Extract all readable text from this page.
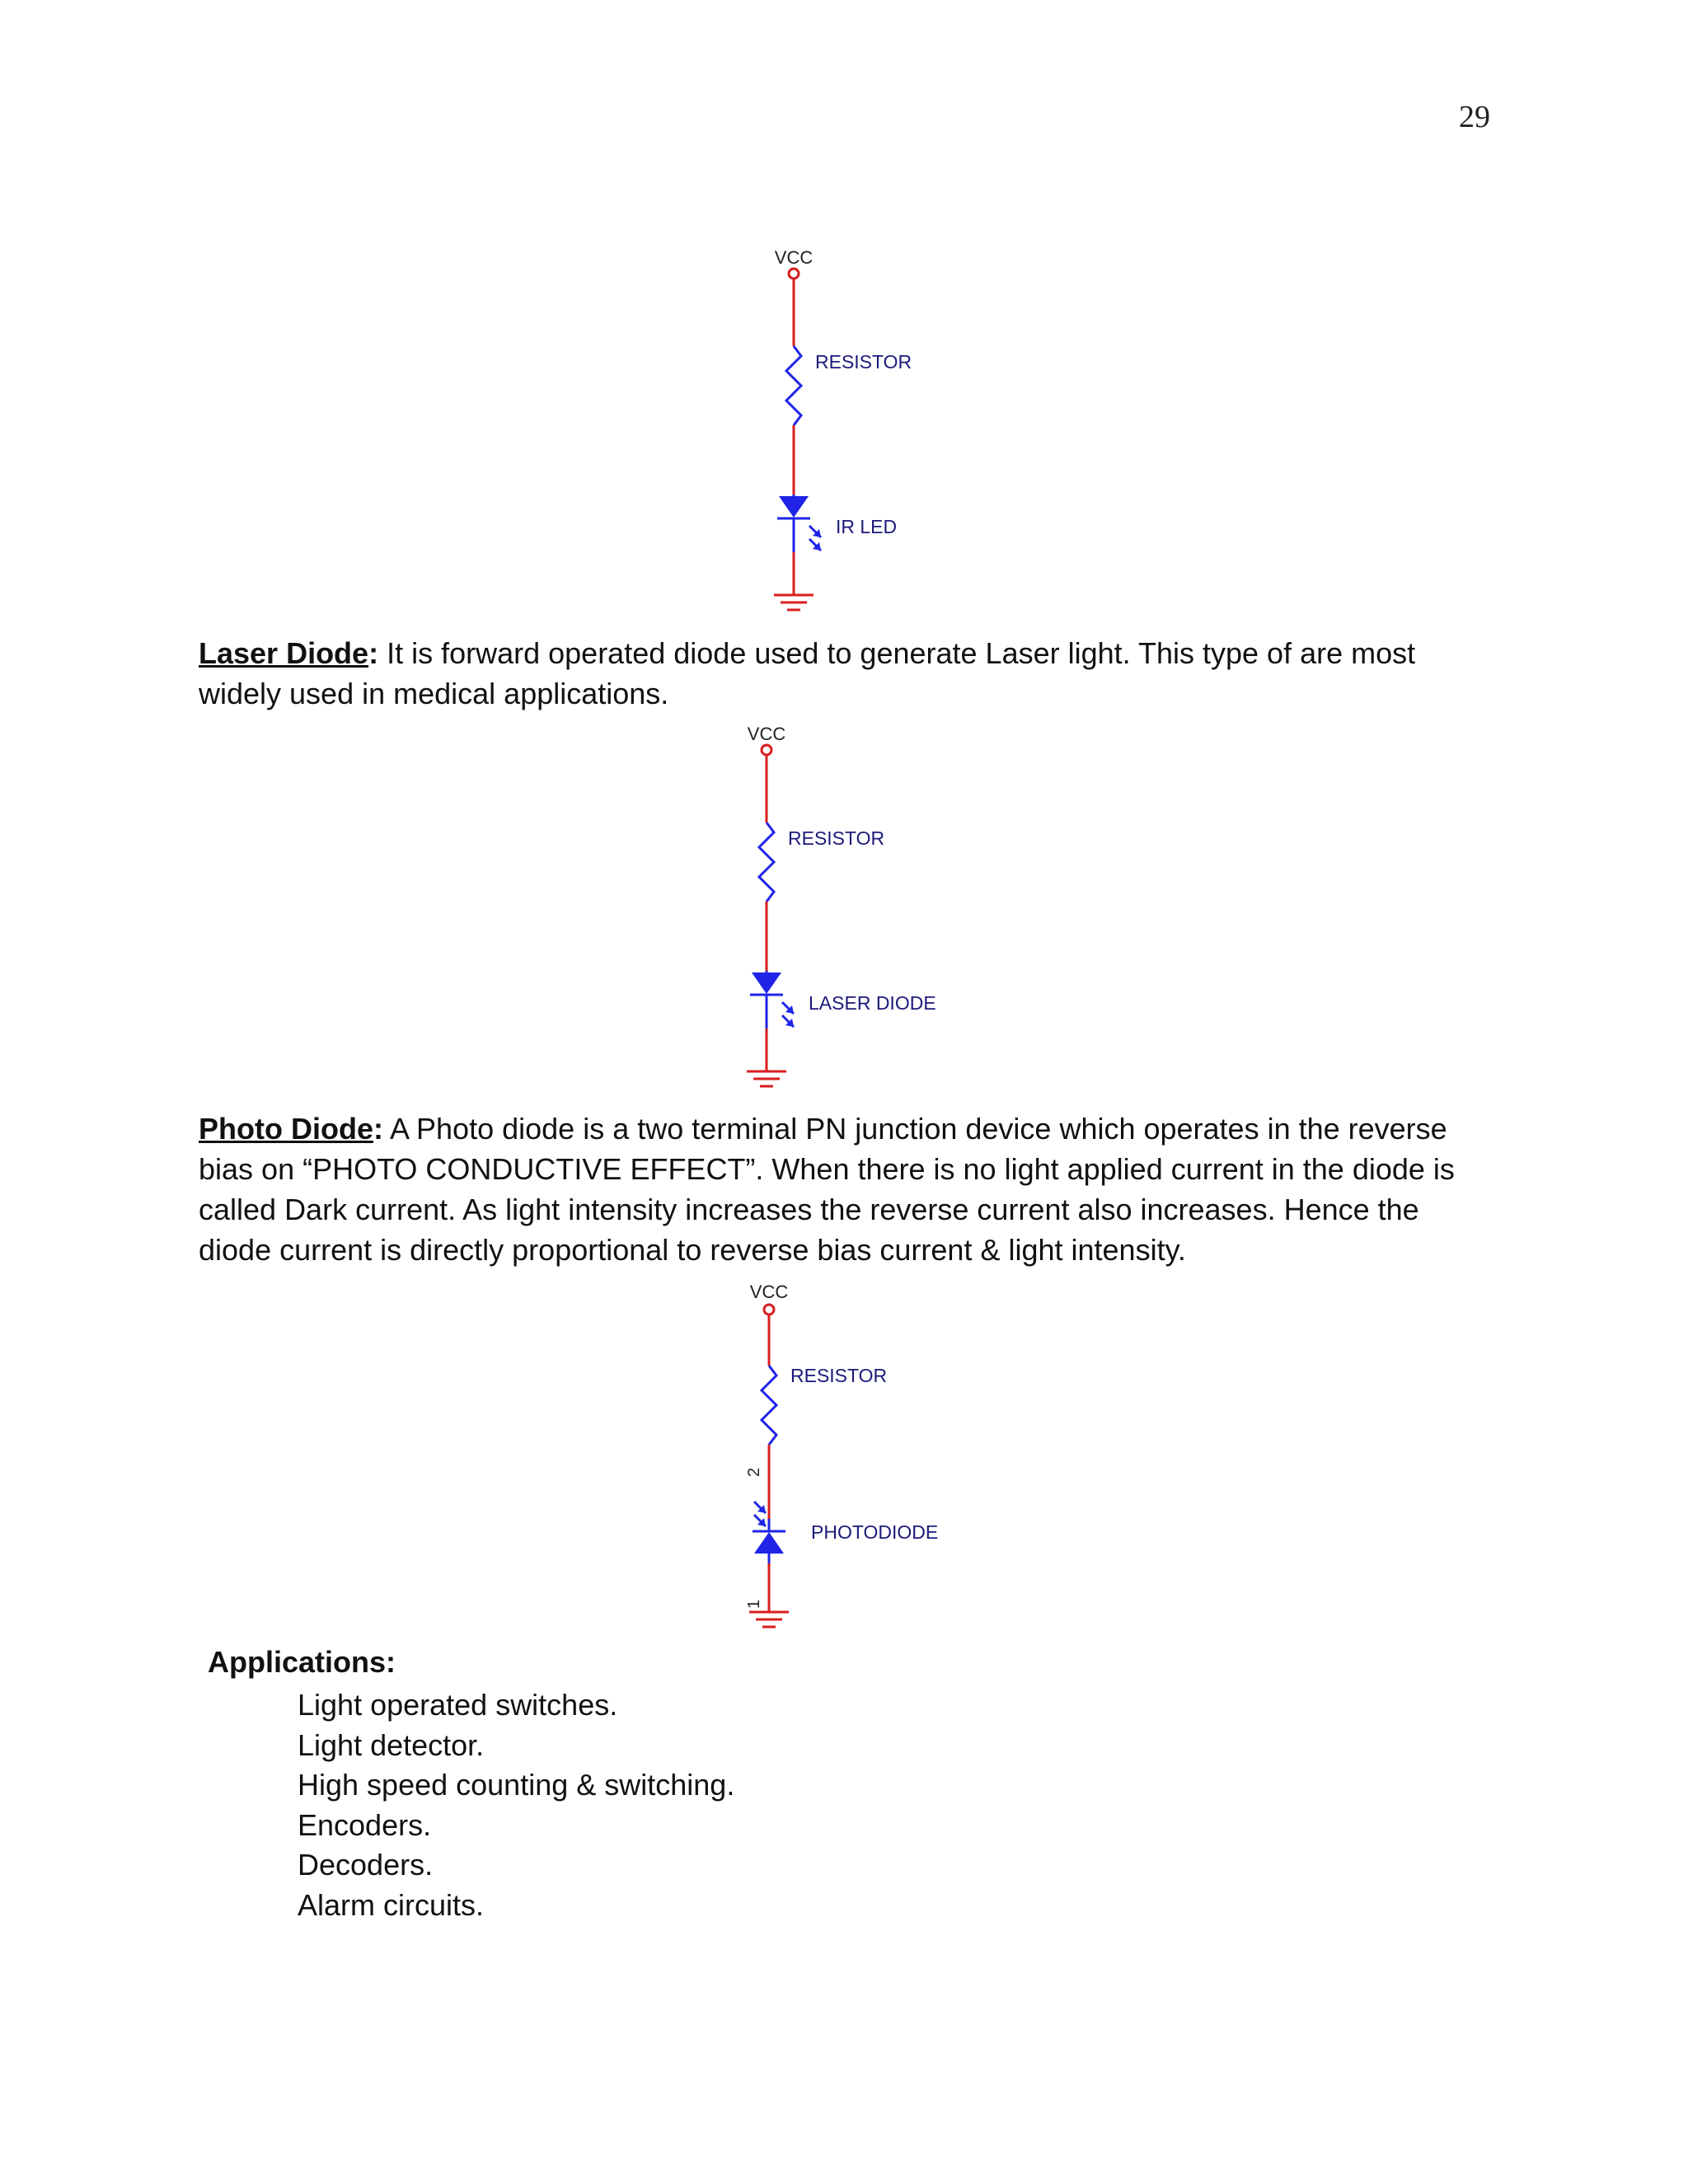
29
VCC
RESISTOR
IR LED

Laser Diode: It is forward operated diode used to generate Laser light. This type of are most widely used in medical applications.

VCC
RESISTOR
LASER DIODE

Photo Diode: A Photo diode is a two terminal PN junction device which operates in the reverse bias on “PHOTO CONDUCTIVE EFFECT”. When there is no light applied current in the diode is called Dark current. As light intensity increases the reverse current also increases. Hence the diode current is directly proportional to reverse bias current & light intensity.

VCC
RESISTOR
2
PHOTODIODE
1

Applications:

Light operated switches.
Light detector.
High speed counting & switching.
Encoders.
Decoders.
Alarm circuits.
